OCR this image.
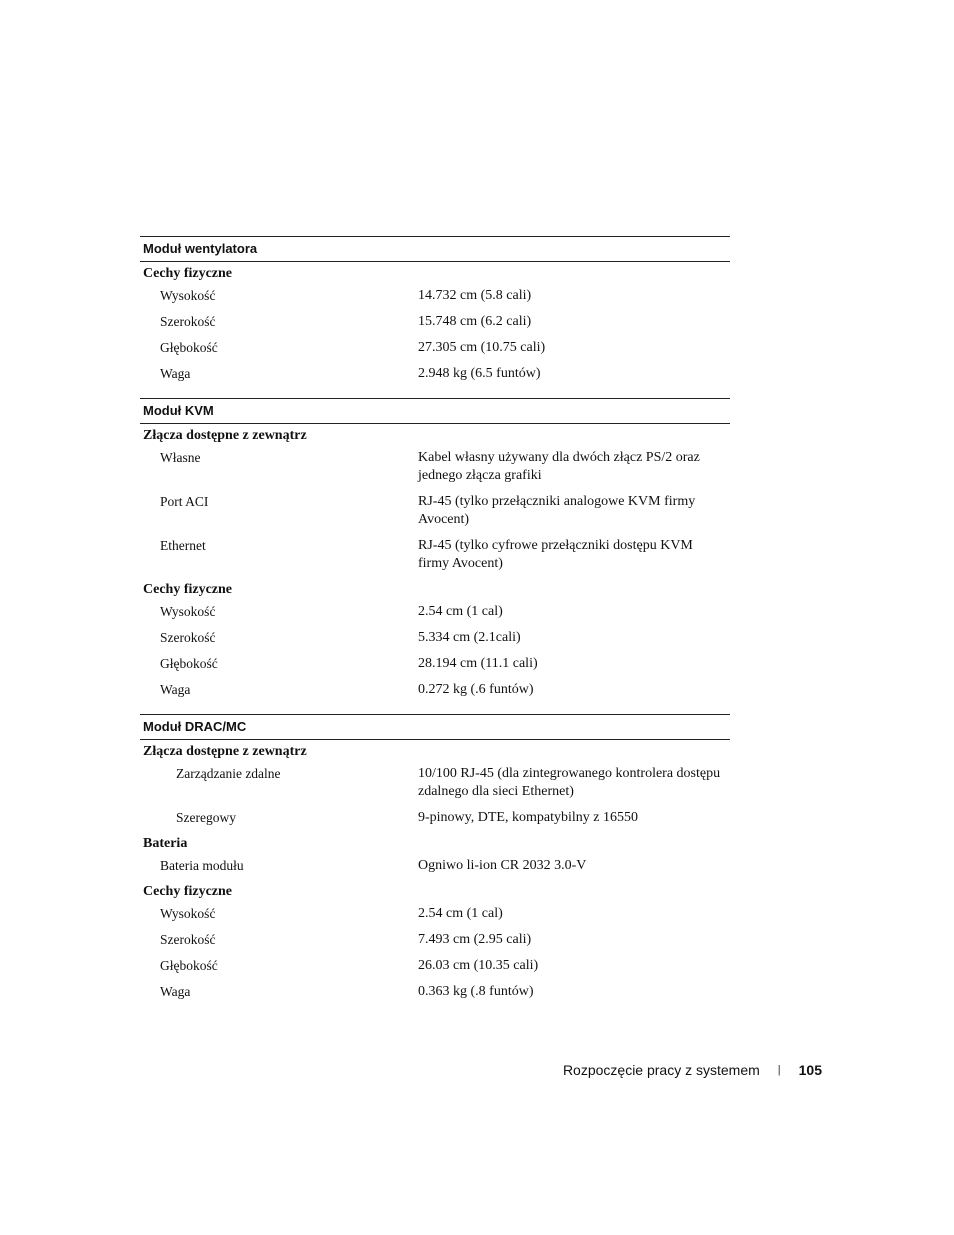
Moduł wentylatora
Cechy fizyczne
Wysokość	14.732 cm (5.8 cali)
Szerokość	15.748 cm (6.2 cali)
Głębokość	27.305 cm (10.75 cali)
Waga	2.948 kg (6.5 funtów)
Moduł KVM
Złącza dostępne z zewnątrz
Własne	Kabel własny używany dla dwóch złącz PS/2 oraz jednego złącza grafiki
Port ACI	RJ-45 (tylko przełączniki analogowe KVM firmy Avocent)
Ethernet	RJ-45 (tylko cyfrowe przełączniki dostępu KVM firmy Avocent)
Cechy fizyczne
Wysokość	2.54 cm (1 cal)
Szerokość	5.334 cm (2.1cali)
Głębokość	28.194 cm (11.1 cali)
Waga	0.272 kg (.6 funtów)
Moduł DRAC/MC
Złącza dostępne z zewnątrz
Zarządzanie zdalne	10/100 RJ-45 (dla zintegrowanego kontrolera dostępu zdalnego dla sieci Ethernet)
Szeregowy	9-pinowy, DTE, kompatybilny z 16550
Bateria
Bateria modułu	Ogniwo li-ion CR 2032 3.0-V
Cechy fizyczne
Wysokość	2.54 cm (1 cal)
Szerokość	7.493 cm (2.95 cali)
Głębokość	26.03 cm (10.35 cali)
Waga	0.363 kg (.8 funtów)
Rozpoczęcie pracy z systemem | 105
